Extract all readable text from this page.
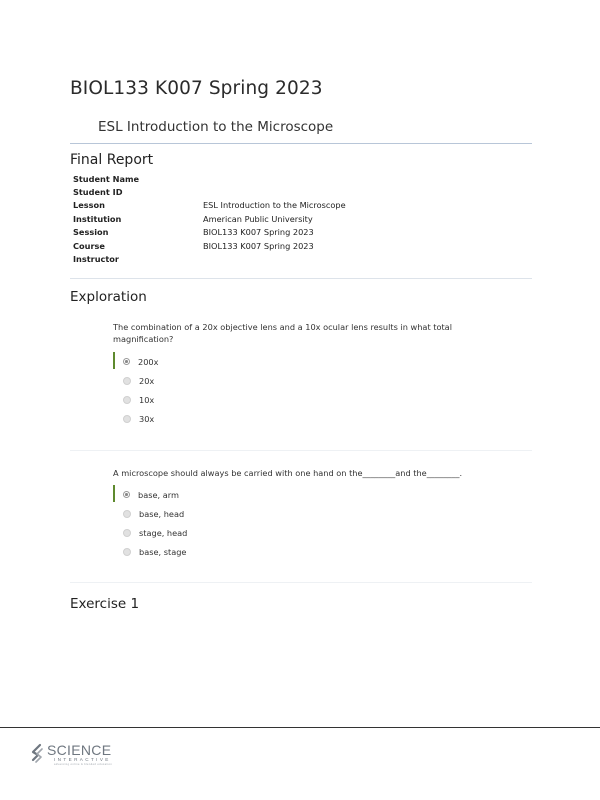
BIOL133 K007 Spring 2023
ESL Introduction to the Microscope
Final Report
Student Name
Student ID
Lesson	ESL Introduction to the Microscope
Institution	American Public University
Session	BIOL133 K007 Spring 2023
Course	BIOL133 K007 Spring 2023
Instructor
Exploration
The combination of a 20x objective lens and a 10x ocular lens results in what total magnification?
200x
20x
10x
30x
A microscope should always be carried with one hand on the________and the________.
base, arm
base, head
stage, head
base, stage
Exercise 1
SCIENCE
INTERACTIVE
advancing online & blended education
